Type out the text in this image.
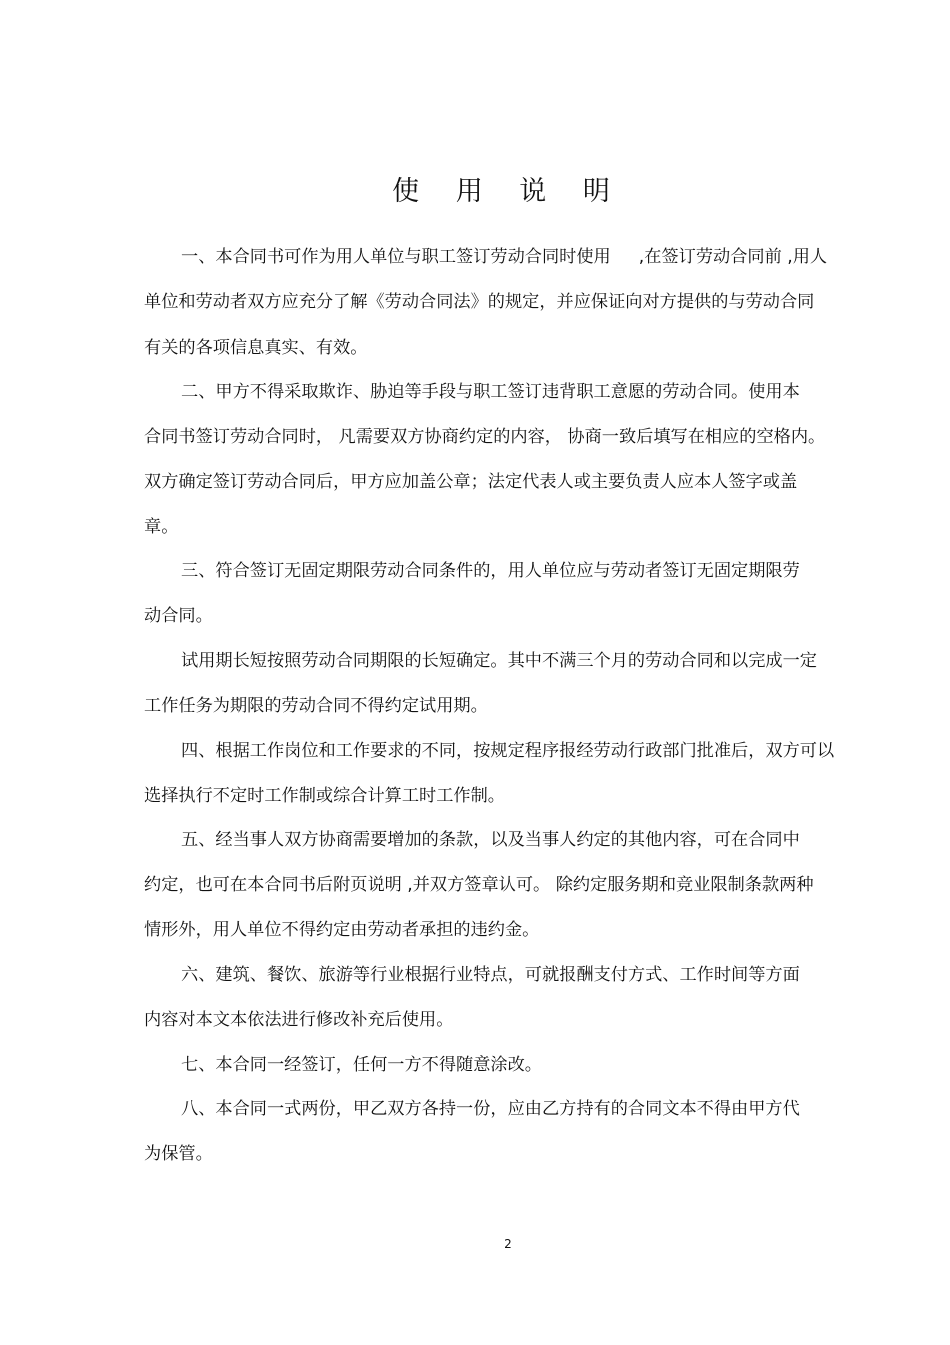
使 用 说 明

一、本合同书可作为用人单位与职工签订劳动合同时使用 　 ,在签订劳动合同前 ,用人

单位和劳动者双方应充分了解《劳动合同法》的规定，并应保证向对方提供的与劳动合同

有关的各项信息真实、有效。

二、甲方不得采取欺诈、胁迫等手段与职工签订违背职工意愿的劳动合同。使用本

合同书签订劳动合同时， 凡需要双方协商约定的内容， 协商一致后填写在相应的空格内。

双方确定签订劳动合同后，甲方应加盖公章；法定代表人或主要负责人应本人签字或盖

章。

三、符合签订无固定期限劳动合同条件的，用人单位应与劳动者签订无固定期限劳

动合同。

试用期长短按照劳动合同期限的长短确定。其中不满三个月的劳动合同和以完成一定

工作任务为期限的劳动合同不得约定试用期。

四、根据工作岗位和工作要求的不同，按规定程序报经劳动行政部门批准后，双方可以

选择执行不定时工作制或综合计算工时工作制。

五、经当事人双方协商需要增加的条款，以及当事人约定的其他内容，可在合同中

约定，也可在本合同书后附页说明 ,并双方签章认可。 除约定服务期和竞业限制条款两种

情形外，用人单位不得约定由劳动者承担的违约金。

六、建筑、餐饮、旅游等行业根据行业特点，可就报酬支付方式、工作时间等方面

内容对本文本依法进行修改补充后使用。

七、本合同一经签订，任何一方不得随意涂改。

八、本合同一式两份，甲乙双方各持一份，应由乙方持有的合同文本不得由甲方代

为保管。

2
